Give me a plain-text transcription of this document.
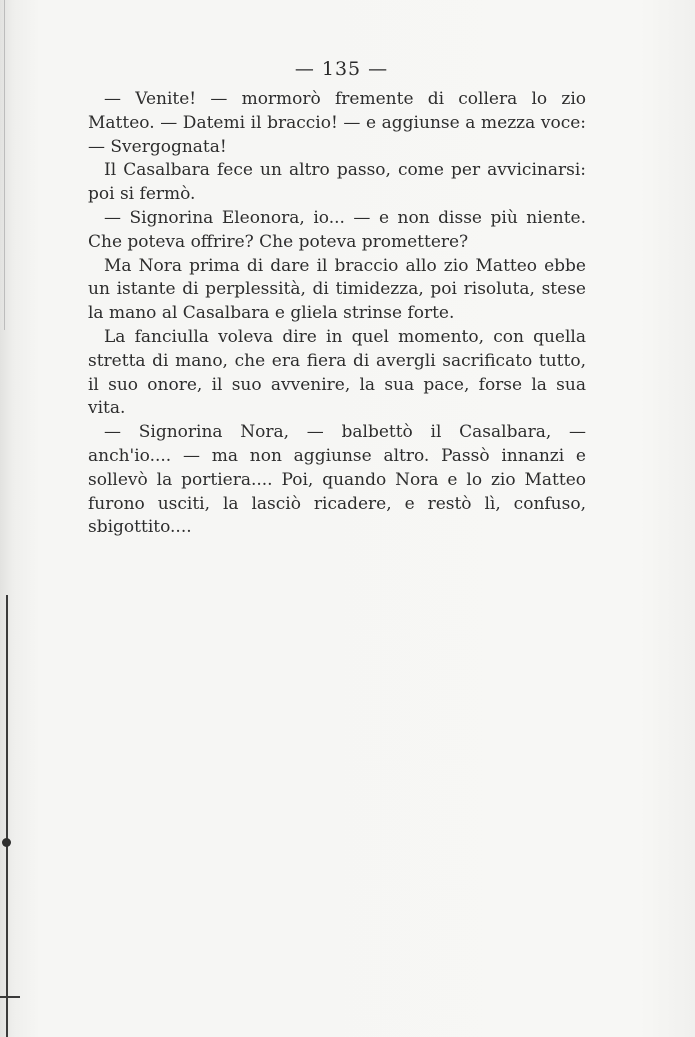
— 135 —

— Venite! — mormorò fremente di collera lo zio Matteo. — Datemi il braccio! — e aggiunse a mezza voce: — Svergognata!

Il Casalbara fece un altro passo, come per avvicinarsi: poi si fermò.

— Signorina Eleonora, io... — e non disse più niente. Che poteva offrire? Che poteva promettere?

Ma Nora prima di dare il braccio allo zio Matteo ebbe un istante di perplessità, di timidezza, poi risoluta, stese la mano al Casalbara e gliela strinse forte.

La fanciulla voleva dire in quel momento, con quella stretta di mano, che era fiera di avergli sacrificato tutto, il suo onore, il suo avvenire, la sua pace, forse la sua vita.

— Signorina Nora, — balbettò il Casalbara, — anch'io.... — ma non aggiunse altro. Passò innanzi e sollevò la portiera.... Poi, quando Nora e lo zio Matteo furono usciti, la lasciò ricadere, e restò lì, confuso, sbigottito....
